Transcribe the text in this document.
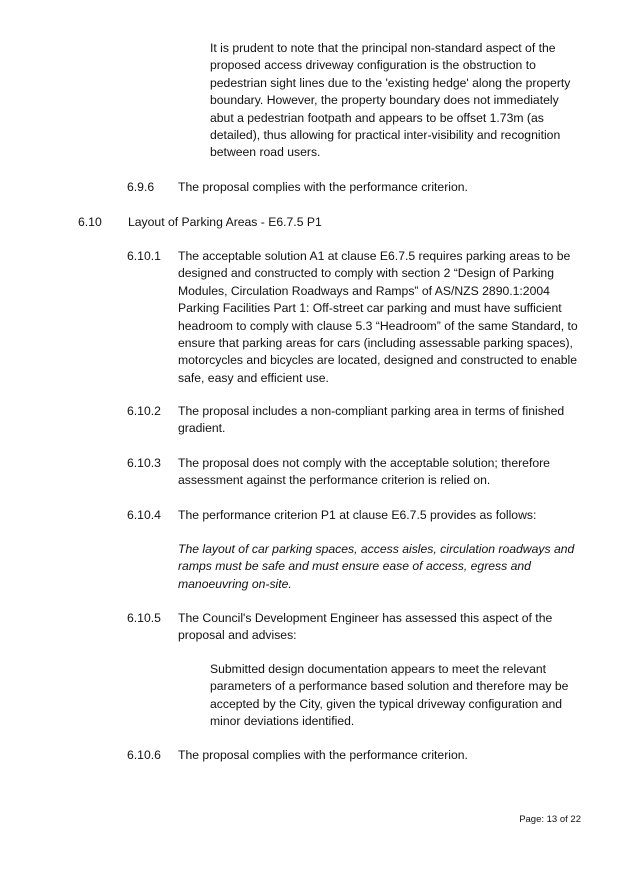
It is prudent to note that the principal non-standard aspect of the proposed access driveway configuration is the obstruction to pedestrian sight lines due to the 'existing hedge' along the property boundary. However, the property boundary does not immediately abut a pedestrian footpath and appears to be offset 1.73m (as detailed), thus allowing for practical inter-visibility and recognition between road users.

6.9.6 The proposal complies with the performance criterion.
6.10 Layout of Parking Areas - E6.7.5 P1
6.10.1 The acceptable solution A1 at clause E6.7.5 requires parking areas to be designed and constructed to comply with section 2 “Design of Parking Modules, Circulation Roadways and Ramps” of AS/NZS 2890.1:2004 Parking Facilities Part 1: Off-street car parking and must have sufficient headroom to comply with clause 5.3 “Headroom” of the same Standard, to ensure that parking areas for cars (including assessable parking spaces), motorcycles and bicycles are located, designed and constructed to enable safe, easy and efficient use.
6.10.2 The proposal includes a non-compliant parking area in terms of finished gradient.
6.10.3 The proposal does not comply with the acceptable solution; therefore assessment against the performance criterion is relied on.
6.10.4 The performance criterion P1 at clause E6.7.5 provides as follows:
The layout of car parking spaces, access aisles, circulation roadways and ramps must be safe and must ensure ease of access, egress and manoeuvring on-site.
6.10.5 The Council's Development Engineer has assessed this aspect of the proposal and advises:

Submitted design documentation appears to meet the relevant parameters of a performance based solution and therefore may be accepted by the City, given the typical driveway configuration and minor deviations identified.

6.10.6 The proposal complies with the performance criterion.
Page: 13 of 22
